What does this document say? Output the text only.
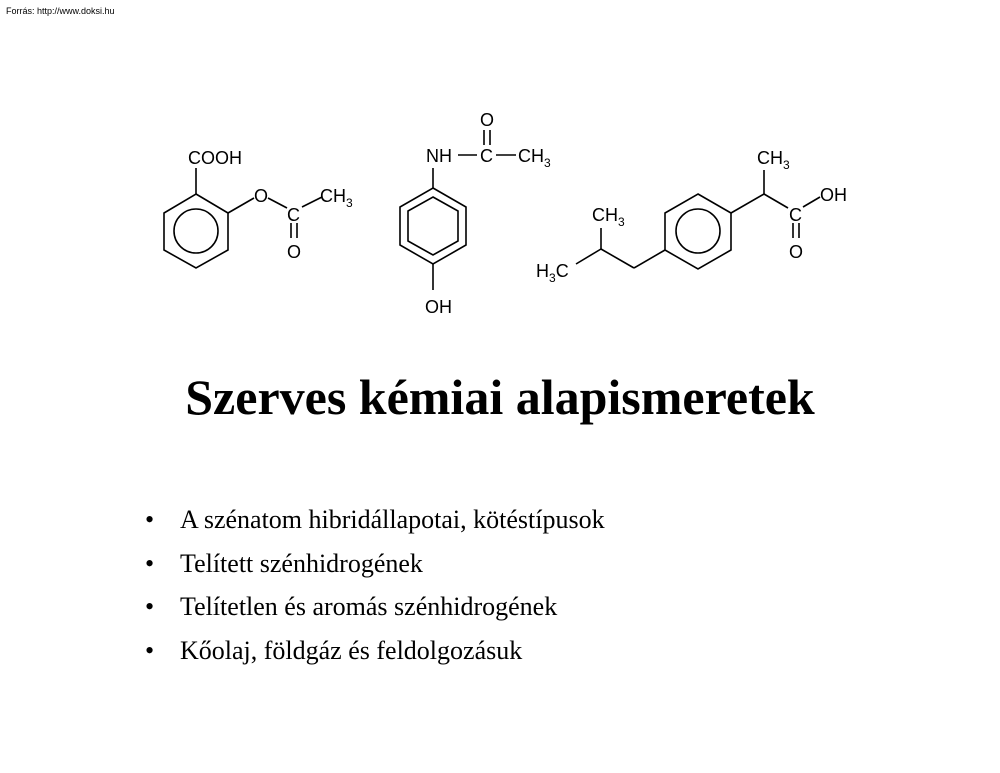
Forrás: http://www.doksi.hu
COOH
O
C
O
$CH_3$
O
NH C $CH_3$
OH
$CH_3$
OH
C
O
$CH_3$
$H_3C$
Szerves kémiai alapismeretek
• A szénatom hibridállapotai, kötéstípusok
• Telített szénhidrogének
• Telítetlen és aromás szénhidrogének
• Kőolaj, földgáz és feldolgozásuk
